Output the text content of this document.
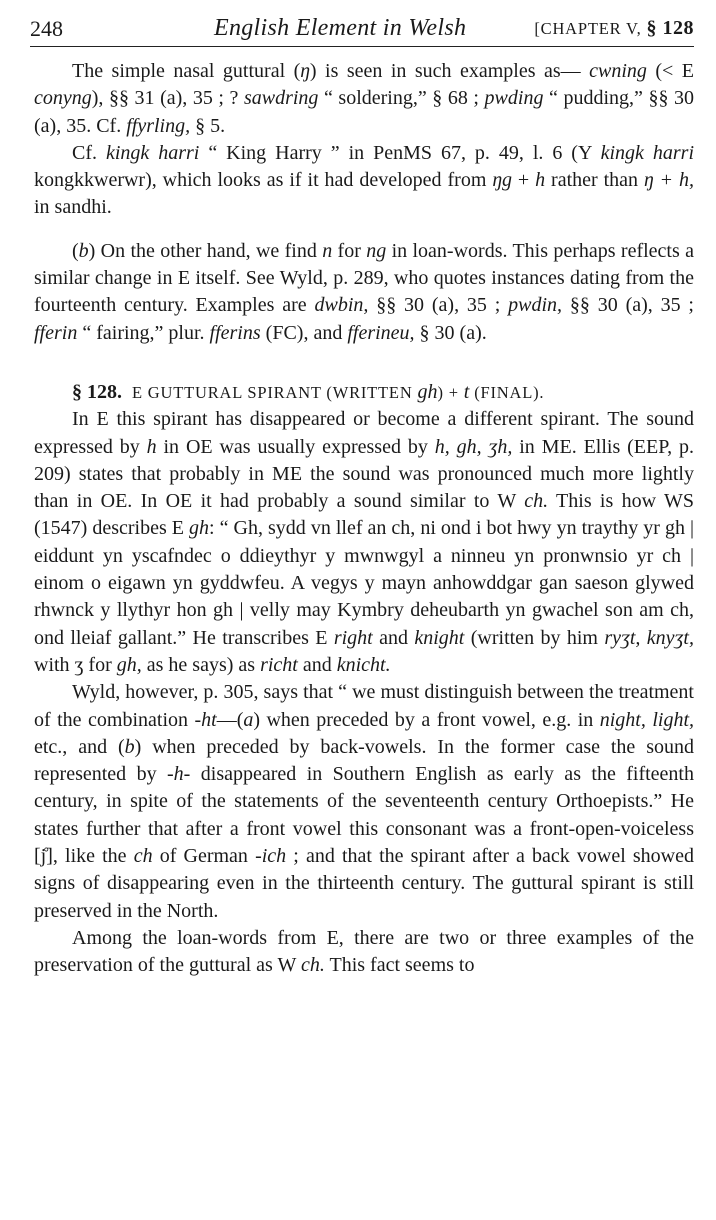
248	English Element in Welsh	[CHAPTER V, § 128

The simple nasal guttural (ŋ) is seen in such examples as— cwning (< E conyng), §§ 31 (a), 35 ; ? sawdring “ soldering,” § 68 ; pwding “ pudding,” §§ 30 (a), 35. Cf. ffyrling, § 5.

Cf. kingk harri “ King Harry ” in PenMS 67, p. 49, l. 6 (Y kingk harri kongkkwerwr), which looks as if it had developed from ŋg + h rather than ŋ + h, in sandhi.

(b) On the other hand, we find n for ng in loan-words. This perhaps reflects a similar change in E itself. See Wyld, p. 289, who quotes instances dating from the fourteenth century. Examples are dwbin, §§ 30 (a), 35 ; pwdin, §§ 30 (a), 35 ; fferin “ fairing,” plur. fferins (FC), and fferineu, § 30 (a).

§ 128. E GUTTURAL SPIRANT (WRITTEN gh) + t (FINAL).

In E this spirant has disappeared or become a different spirant. The sound expressed by h in OE was usually expressed by h, gh, ʒh, in ME. Ellis (EEP, p. 209) states that probably in ME the sound was pronounced much more lightly than in OE. In OE it had probably a sound similar to W ch. This is how WS (1547) describes E gh: “ Gh, sydd vn llef an ch, ni ond i bot hwy yn traythy yr gh | eiddunt yn yscafndec o ddieythyr y mwnwgyl a ninneu yn pronwnsio yr ch | einom o eigawn yn gyddwfeu. A vegys y mayn anhowddgar gan saeson glywed rhwnck y llythyr hon gh | velly may Kymbry deheubarth yn gwachel son am ch, ond lleiaf gallant.” He transcribes E right and knight (written by him ryʒt, knyʒt, with ʒ for gh, as he says) as richt and knicht.

Wyld, however, p. 305, says that “ we must distinguish between the treatment of the combination -ht—(a) when preceded by a front vowel, e.g. in night, light, etc., and (b) when preceded by back-vowels. In the former case the sound represented by -h- disappeared in Southern English as early as the fifteenth century, in spite of the statements of the seventeenth century Orthoepists.” He states further that after a front vowel this consonant was a front-open-voiceless [j̊], like the ch of German -ich ; and that the spirant after a back vowel showed signs of disappearing even in the thirteenth century. The guttural spirant is still preserved in the North.

Among the loan-words from E, there are two or three examples of the preservation of the guttural as W ch. This fact seems to
